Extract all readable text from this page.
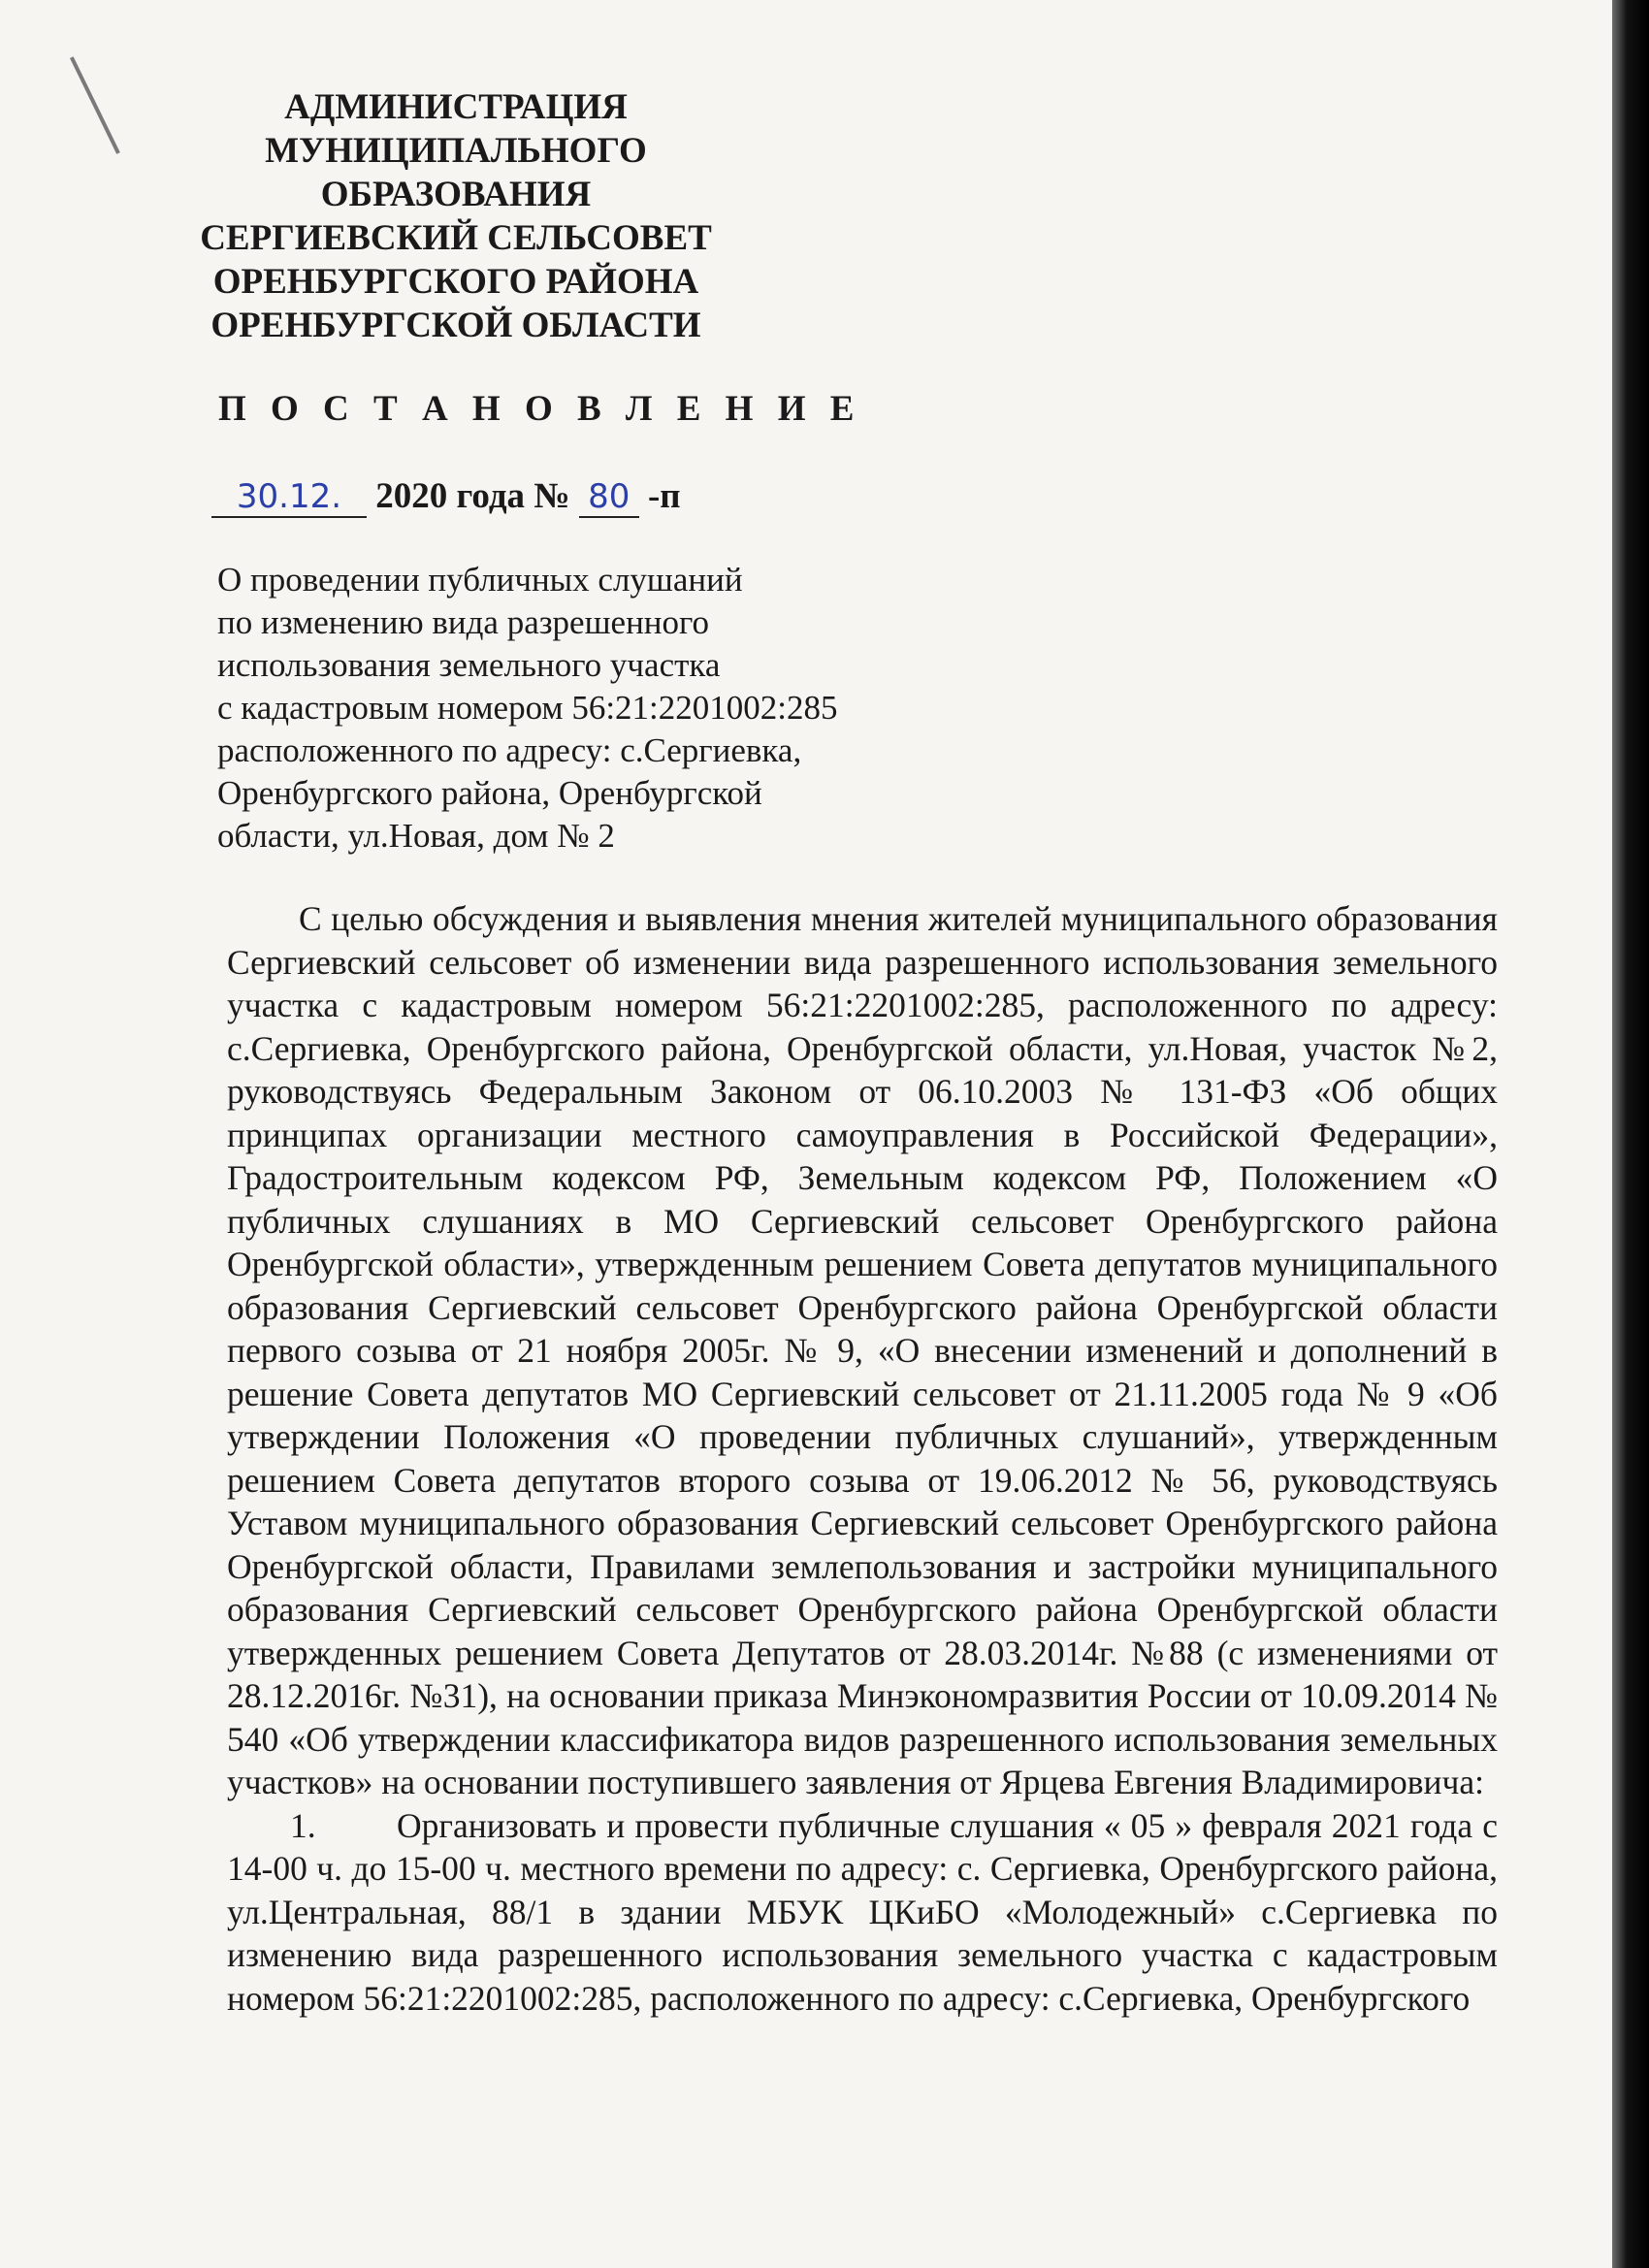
АДМИНИСТРАЦИЯ
МУНИЦИПАЛЬНОГО
ОБРАЗОВАНИЯ
СЕРГИЕВСКИЙ СЕЛЬСОВЕТ
ОРЕНБУРГСКОГО РАЙОНА
ОРЕНБУРГСКОЙ ОБЛАСТИ
П О С Т А Н О В Л Е Н И Е
30.12. 2020 года № 80 -п
О проведении публичных слушаний
по изменению вида разрешенного
использования земельного участка
с кадастровым номером 56:21:2201002:285
расположенного по адресу: с.Сергиевка,
Оренбургского района, Оренбургской
области, ул.Новая, дом № 2

С целью обсуждения и выявления мнения жителей муниципального образования Сергиевский сельсовет об изменении вида разрешенного использования земельного участка с кадастровым номером 56:21:2201002:285, расположенного по адресу: с.Сергиевка, Оренбургского района, Оренбургской области, ул.Новая, участок №2, руководствуясь Федеральным Законом от 06.10.2003 № 131-ФЗ «Об общих принципах организации местного самоуправления в Российской Федерации», Градостроительным кодексом РФ, Земельным кодексом РФ, Положением «О публичных слушаниях в МО Сергиевский сельсовет Оренбургского района Оренбургской области», утвержденным решением Совета депутатов муниципального образования Сергиевский сельсовет Оренбургского района Оренбургской области первого созыва от 21 ноября 2005г. № 9, «О внесении изменений и дополнений в решение Совета депутатов МО Сергиевский сельсовет от 21.11.2005 года № 9 «Об утверждении Положения «О проведении публичных слушаний», утвержденным решением Совета депутатов второго созыва от 19.06.2012 № 56, руководствуясь Уставом муниципального образования Сергиевский сельсовет Оренбургского района Оренбургской области, Правилами землепользования и застройки муниципального образования Сергиевский сельсовет Оренбургского района Оренбургской области утвержденных решением Совета Депутатов от 28.03.2014г. №88 (с изменениями от 28.12.2016г. №31), на основании приказа Минэкономразвития России от 10.09.2014 № 540 «Об утверждении классификатора видов разрешенного использования земельных участков» на основании поступившего заявления от Ярцева Евгения Владимировича:

1. Организовать и провести публичные слушания « 05 » февраля 2021 года с 14-00 ч. до 15-00 ч. местного времени по адресу: с. Сергиевка, Оренбургского района, ул.Центральная, 88/1 в здании МБУК ЦКиБО «Молодежный» с.Сергиевка по изменению вида разрешенного использования земельного участка с кадастровым номером 56:21:2201002:285, расположенного по адресу: с.Сергиевка, Оренбургского
